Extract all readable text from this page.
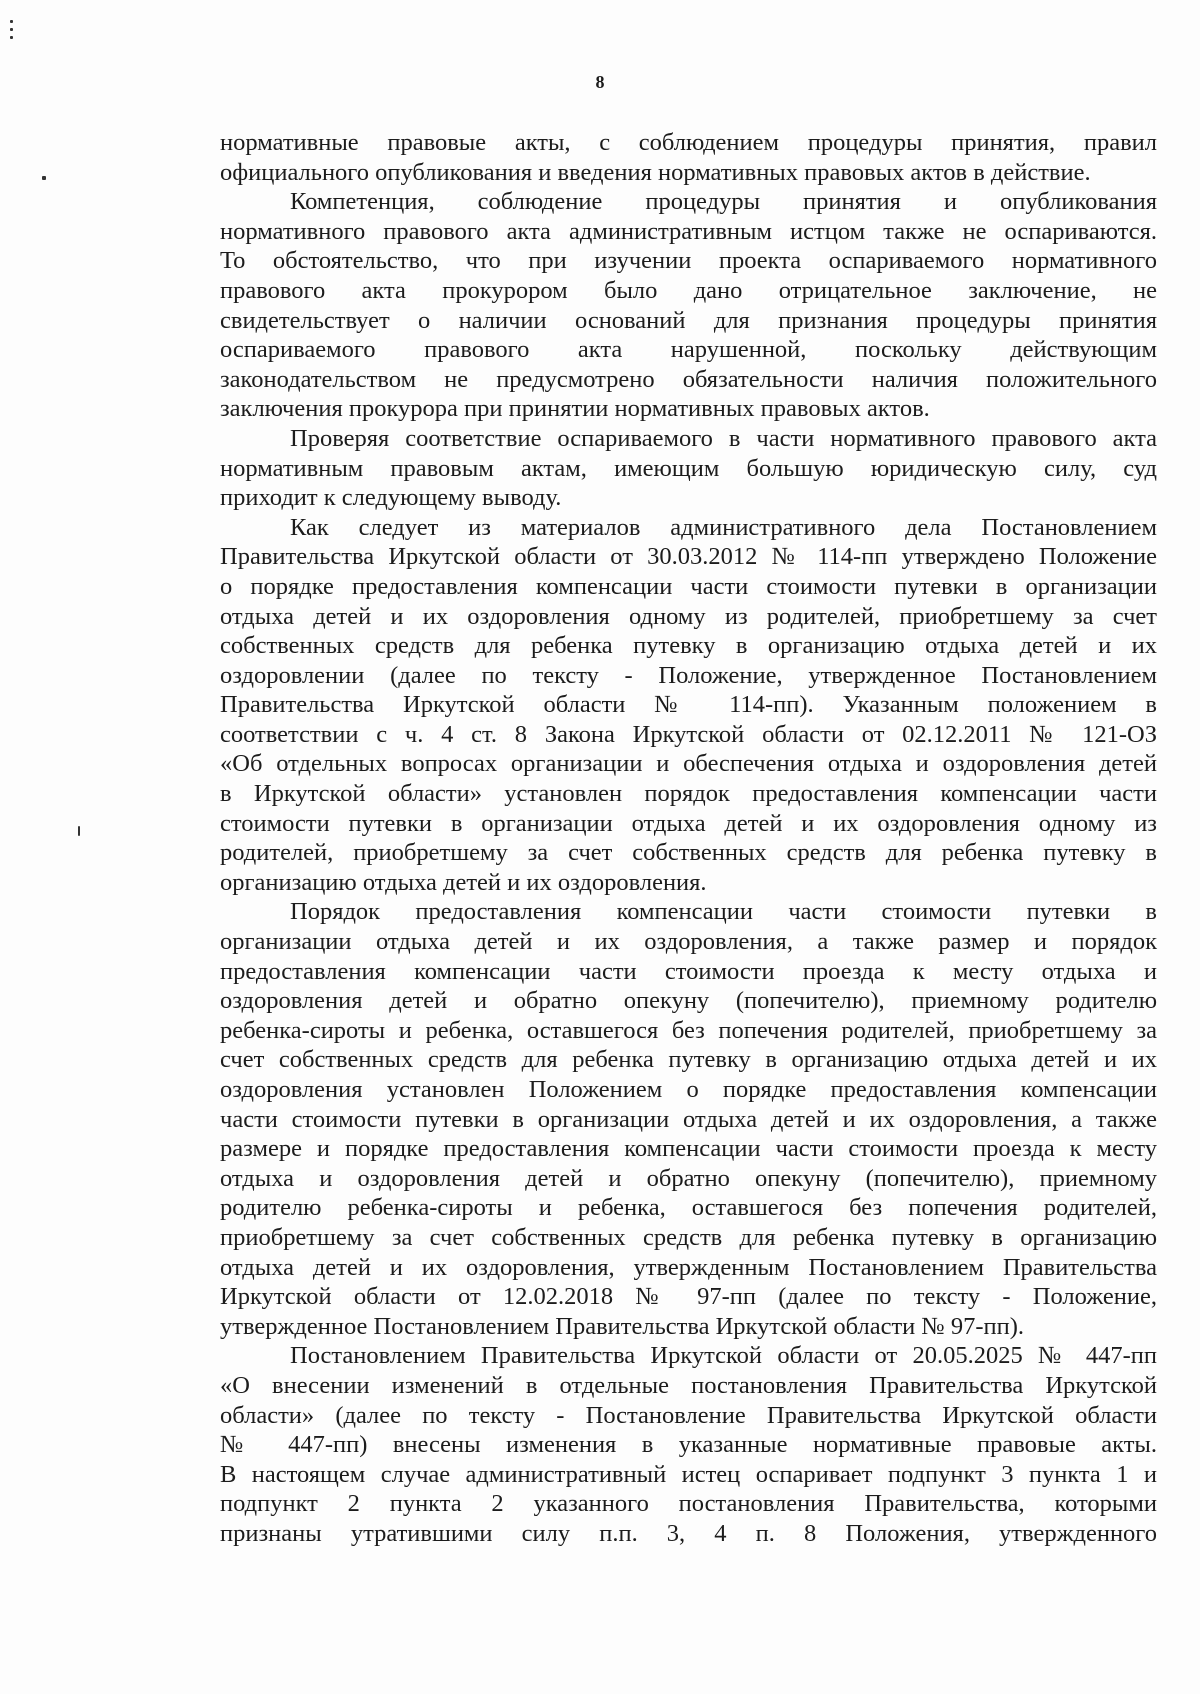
8

нормативные правовые акты, с соблюдением процедуры принятия, правил
официального опубликования и введения нормативных правовых актов в действие.

Компетенция, соблюдение процедуры принятия и опубликования
нормативного правового акта административным истцом также не оспариваются.
То обстоятельство, что при изучении проекта оспариваемого нормативного
правового акта прокурором было дано отрицательное заключение, не
свидетельствует о наличии оснований для признания процедуры принятия
оспариваемого правового акта нарушенной, поскольку действующим
законодательством не предусмотрено обязательности наличия положительного
заключения прокурора при принятии нормативных правовых актов.

Проверяя соответствие оспариваемого в части нормативного правового акта
нормативным правовым актам, имеющим большую юридическую силу, суд
приходит к следующему выводу.

Как следует из материалов административного дела Постановлением
Правительства Иркутской области от 30.03.2012 № 114-пп утверждено Положение
о порядке предоставления компенсации части стоимости путевки в организации
отдыха детей и их оздоровления одному из родителей, приобретшему за счет
собственных средств для ребенка путевку в организацию отдыха детей и их
оздоровлении (далее по тексту - Положение, утвержденное Постановлением
Правительства Иркутской области № 114-пп). Указанным положением в
соответствии с ч. 4 ст. 8 Закона Иркутской области от 02.12.2011 № 121-ОЗ
«Об отдельных вопросах организации и обеспечения отдыха и оздоровления детей
в Иркутской области» установлен порядок предоставления компенсации части
стоимости путевки в организации отдыха детей и их оздоровления одному из
родителей, приобретшему за счет собственных средств для ребенка путевку в
организацию отдыха детей и их оздоровления.

Порядок предоставления компенсации части стоимости путевки в
организации отдыха детей и их оздоровления, а также размер и порядок
предоставления компенсации части стоимости проезда к месту отдыха и
оздоровления детей и обратно опекуну (попечителю), приемному родителю
ребенка-сироты и ребенка, оставшегося без попечения родителей, приобретшему за
счет собственных средств для ребенка путевку в организацию отдыха детей и их
оздоровления установлен Положением о порядке предоставления компенсации
части стоимости путевки в организации отдыха детей и их оздоровления, а также
размере и порядке предоставления компенсации части стоимости проезда к месту
отдыха и оздоровления детей и обратно опекуну (попечителю), приемному
родителю ребенка-сироты и ребенка, оставшегося без попечения родителей,
приобретшему за счет собственных средств для ребенка путевку в организацию
отдыха детей и их оздоровления, утвержденным Постановлением Правительства
Иркутской области от 12.02.2018 № 97-пп (далее по тексту - Положение,
утвержденное Постановлением Правительства Иркутской области № 97-пп).

Постановлением Правительства Иркутской области от 20.05.2025 № 447-пп
«О внесении изменений в отдельные постановления Правительства Иркутской
области» (далее по тексту - Постановление Правительства Иркутской области
№ 447-пп) внесены изменения в указанные нормативные правовые акты.
В настоящем случае административный истец оспаривает подпункт 3 пункта 1 и
подпункт 2 пункта 2 указанного постановления Правительства, которыми
признаны утратившими силу п.п. 3, 4 п. 8 Положения, утвержденного
